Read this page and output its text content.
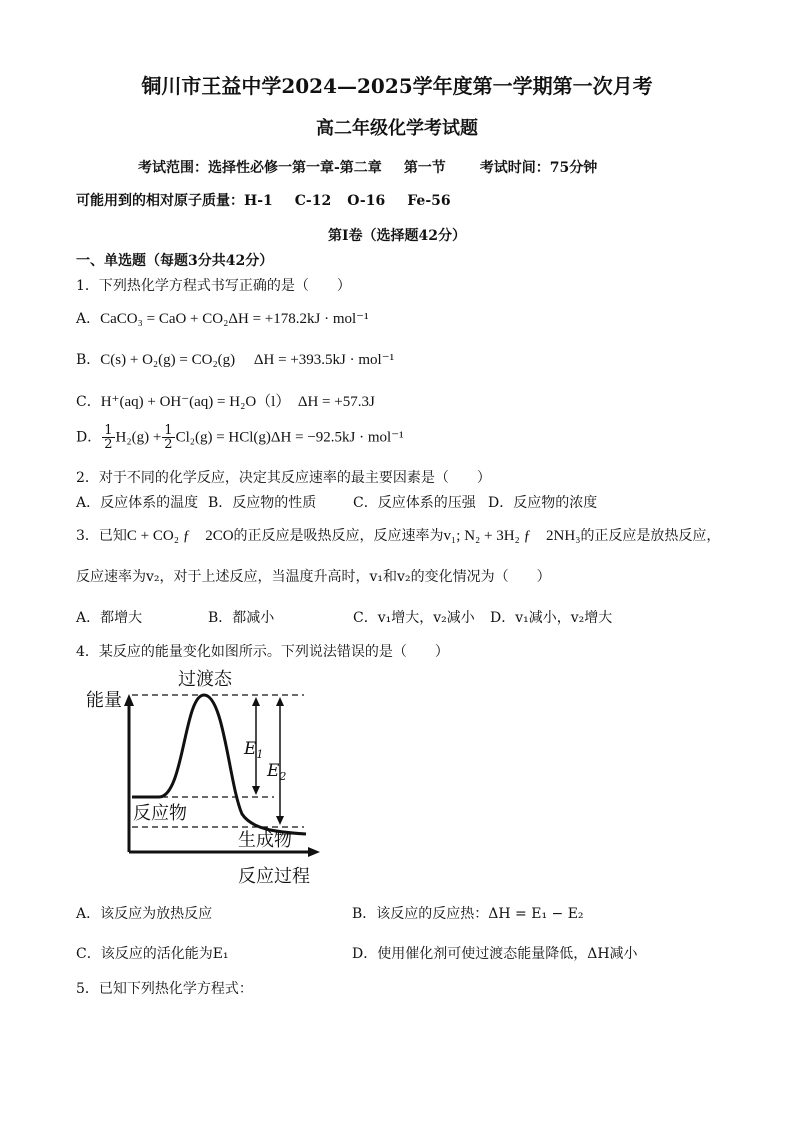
铜川市王益中学2024—2025学年度第一学期第一次月考
高二年级化学考试题
考试范围：选择性必修一第一章-第二章 第一节 考试时间：75分钟
可能用到的相对原子质量：H-1 C-12 O-16 Fe-56
第Ⅰ卷（选择题42分）
一、单选题（每题3分共42分）
1．下列热化学方程式书写正确的是（　　）
A．CaCO₃ = CaO + CO₂ΔH = +178.2kJ · mol⁻¹
B．C(s) + O₂(g) = CO₂(g)　 ΔH = +393.5kJ · mol⁻¹
C．H⁺(aq) + OH⁻(aq) = H₂O（l）　ΔH = +57.3J
D． $\frac{1}{2} H_2(g) + \frac{1}{2} Cl_2(g) = HCl(g)\Delta H = -92.5kJ \cdot mol^{-1}$
2．对于不同的化学反应，决定其反应速率的最主要因素是（　　）
A．反应体系的温度 B．反应物的性质	C．反应体系的压强 D．反应物的浓度
3．已知C + CO₂ ƒ　2CO的正反应是吸热反应，反应速率为v₁; N₂ + 3H₂ ƒ　2NH₃的正反应是放热反应，
反应速率为v₂，对于上述反应，当温度升高时，v₁和v₂的变化情况为（　　）
A．都增大	B．都减小	C．v₁增大，v₂减小 D．v₁减小，v₂增大
4．某反应的能量变化如图所示。下列说法错误的是（　　）
能量
过渡态
反应物
生成物
反应过程
$E_1$
$E_2$
A．该反应为放热反应	B．该反应的反应热：ΔH = E₁ − E₂
C．该反应的活化能为E₁	D．使用催化剂可使过渡态能量降低，ΔH减小
5．已知下列热化学方程式：
